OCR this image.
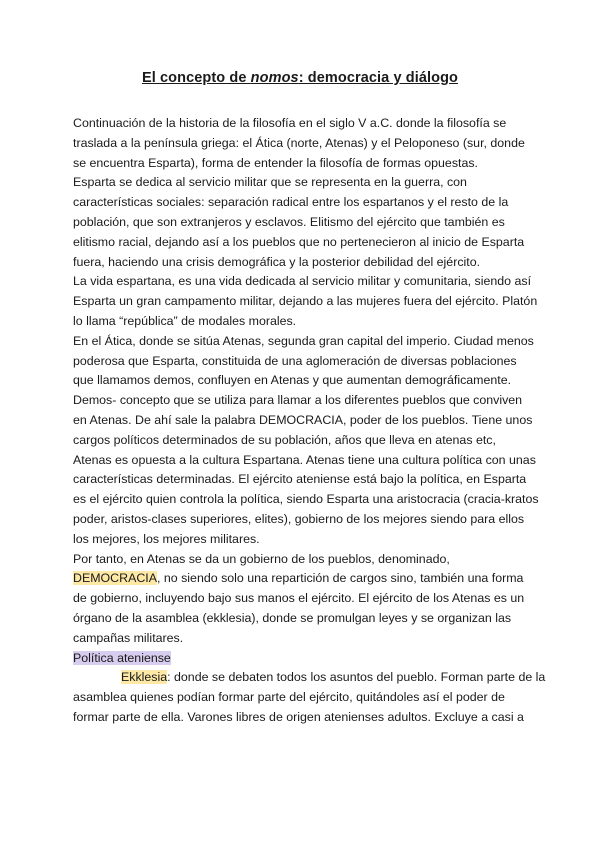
El concepto de nomos: democracia y diálogo

Continuación de la historia de la filosofía en el siglo V a.C. donde la filosofía se
traslada a la península griega: el Ática (norte, Atenas) y el Peloponeso (sur, donde
se encuentra Esparta), forma de entender la filosofía de formas opuestas.

Esparta se dedica al servicio militar que se representa en la guerra, con
características sociales: separación radical entre los espartanos y el resto de la
población, que son extranjeros y esclavos. Elitismo del ejército que también es
elitismo racial, dejando así a los pueblos que no pertenecieron al inicio de Esparta
fuera, haciendo una crisis demográfica y la posterior debilidad del ejército.

La vida espartana, es una vida dedicada al servicio militar y comunitaria, siendo así
Esparta un gran campamento militar, dejando a las mujeres fuera del ejército. Platón
lo llama “república” de modales morales.

En el Ática, donde se sitúa Atenas, segunda gran capital del imperio. Ciudad menos
poderosa que Esparta, constituida de una aglomeración de diversas poblaciones
que llamamos demos, confluyen en Atenas y que aumentan demográficamente.

Demos- concepto que se utiliza para llamar a los diferentes pueblos que conviven
en Atenas. De ahí sale la palabra DEMOCRACIA, poder de los pueblos. Tiene unos
cargos políticos determinados de su población, años que lleva en atenas etc,
Atenas es opuesta a la cultura Espartana. Atenas tiene una cultura política con unas
características determinadas. El ejército ateniense está bajo la política, en Esparta
es el ejército quien controla la política, siendo Esparta una aristocracia (cracia-kratos
poder, aristos-clases superiores, elites), gobierno de los mejores siendo para ellos
los mejores, los mejores militares.

Por tanto, en Atenas se da un gobierno de los pueblos, denominado,

DEMOCRACIA, no siendo solo una repartición de cargos sino, también una forma
de gobierno, incluyendo bajo sus manos el ejército. El ejército de los Atenas es un
órgano de la asamblea (ekklesia), donde se promulgan leyes y se organizan las
campañas militares.

Política ateniense

Ekklesia: donde se debaten todos los asuntos del pueblo. Forman parte de la
asamblea quienes podían formar parte del ejército, quitándoles así el poder de
formar parte de ella. Varones libres de origen atenienses adultos. Excluye a casi a
